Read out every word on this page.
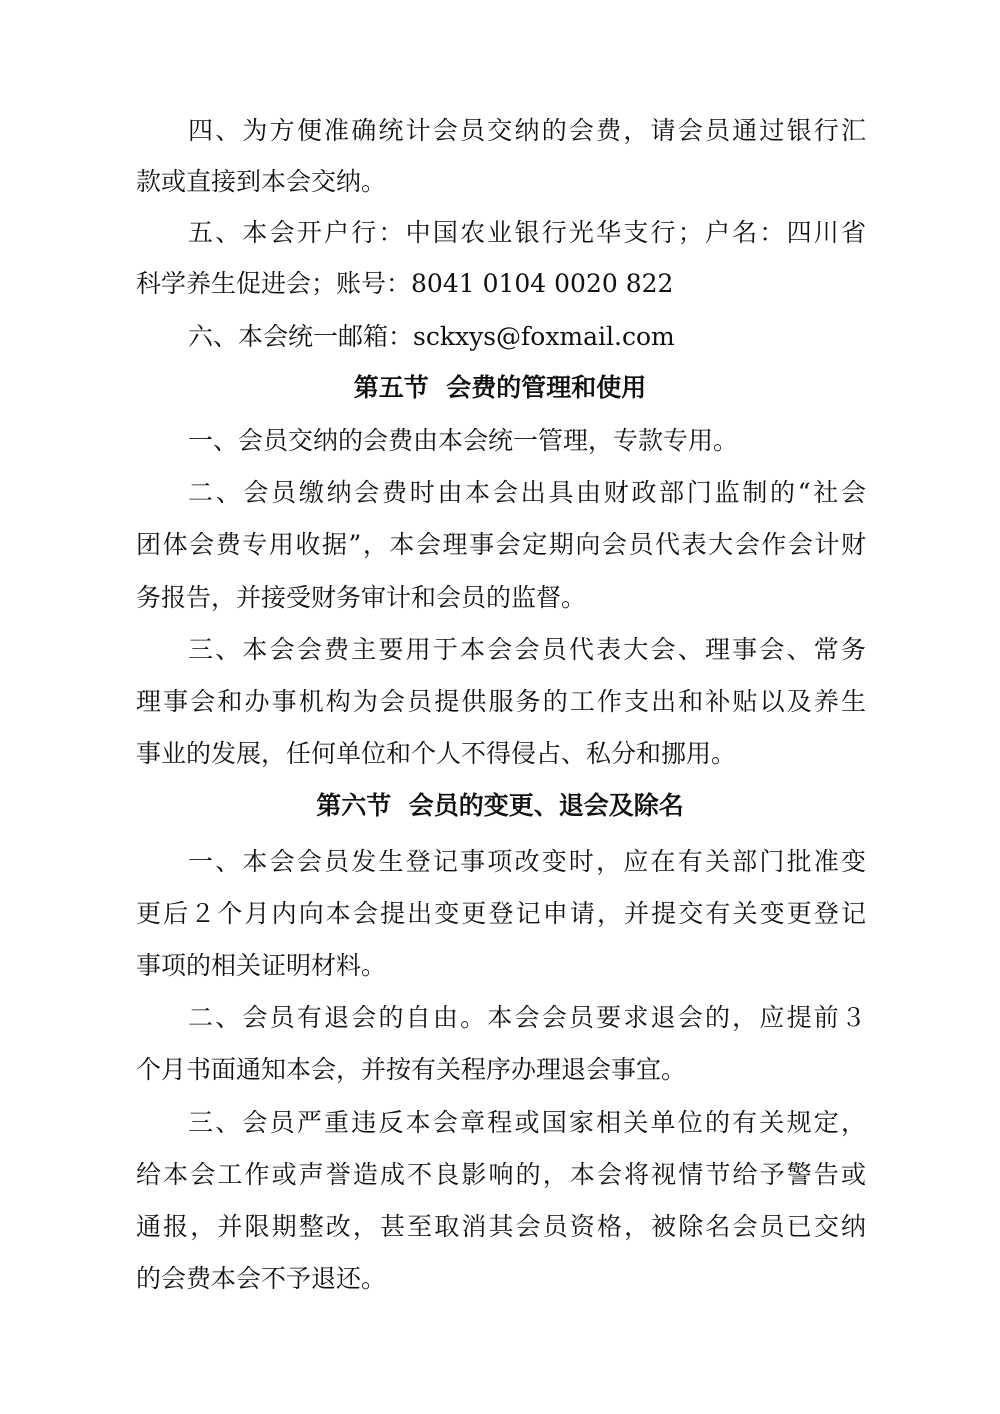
四、为方便准确统计会员交纳的会费，请会员通过银行汇
款或直接到本会交纳。
五、本会开户行：中国农业银行光华支行；户名：四川省
科学养生促进会；账号：8041 0104 0020 822
六、本会统一邮箱：sckxys@foxmail.com
第五节  会费的管理和使用
一、会员交纳的会费由本会统一管理，专款专用。
二、会员缴纳会费时由本会出具由财政部门监制的“社会
团体会费专用收据”，本会理事会定期向会员代表大会作会计财
务报告，并接受财务审计和会员的监督。
三、本会会费主要用于本会会员代表大会、理事会、常务
理事会和办事机构为会员提供服务的工作支出和补贴以及养生
事业的发展，任何单位和个人不得侵占、私分和挪用。
第六节  会员的变更、退会及除名
一、本会会员发生登记事项改变时，应在有关部门批准变
更后２个月内向本会提出变更登记申请，并提交有关变更登记
事项的相关证明材料。
二、会员有退会的自由。本会会员要求退会的，应提前３
个月书面通知本会，并按有关程序办理退会事宜。
三、会员严重违反本会章程或国家相关单位的有关规定，
给本会工作或声誉造成不良影响的，本会将视情节给予警告或
通报，并限期整改，甚至取消其会员资格，被除名会员已交纳
的会费本会不予退还。
